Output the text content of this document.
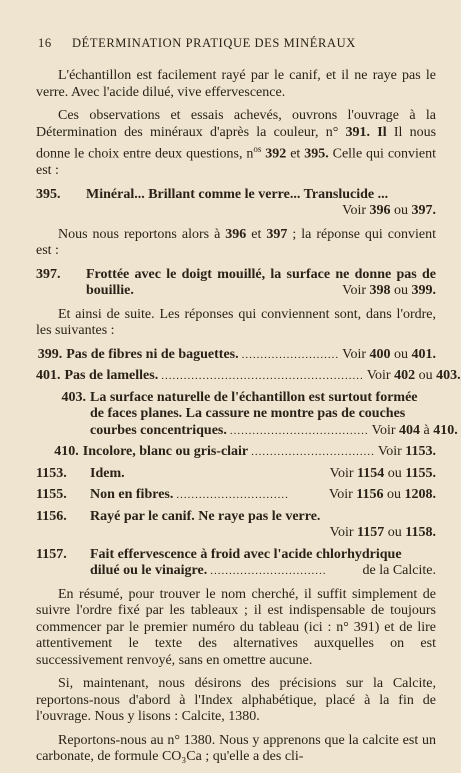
16 DÉTERMINATION PRATIQUE DES MINÉRAUX

L'échantillon est facilement rayé par le canif, et il ne raye pas le verre. Avec l'acide dilué, vive effervescence.

Ces observations et essais achevés, ouvrons l'ouvrage à la Détermination des minéraux d'après la couleur, n° 391. Il Il nous donne le choix entre deux questions, $n^{os}$ 392 et 395. Celle qui convient est :

395.	Minéral... Brillant comme le verre... Translucide ...
Voir 396 ou 397.

Nous nous reportons alors à 396 et 397 ; la réponse qui convient est :

397.	Frottée avec le doigt mouillé, la surface ne donne pas de bouillie.	Voir 398 ou 399.

Et ainsi de suite. Les réponses qui conviennent sont, dans l'ordre, les suivantes :

399. Pas de fibres ni de baguettes. .......................... Voir 400 ou 401.
401. Pas de lamelles. ...................................................... Voir 402 ou 403.
403. La surface naturelle de l'échantillon est surtout formée
de faces planes. La cassure ne montre pas de couches
courbes concentriques. ..................................... Voir 404 à 410.
410. Incolore, blanc ou gris-clair ................................. Voir 1153.
1153.	Idem.	Voir 1154 ou 1155.
1155.	Non en fibres. ..............................	Voir 1156 ou 1208.
1156.	Rayé par le canif. Ne raye pas le verre.
Voir 1157 ou 1158.
1157.	Fait effervescence à froid avec l'acide chlorhydrique
dilué ou le vinaigre. ...............................	de la Calcite.

En résumé, pour trouver le nom cherché, il suffit simplement de suivre l'ordre fixé par les tableaux ; il est indispensable de toujours commencer par le premier numéro du tableau (ici : n° 391) et de lire attentivement le texte des alternatives auxquelles on est successivement renvoyé, sans en omettre aucune.

Si, maintenant, nous désirons des précisions sur la Calcite, reportons-nous d'abord à l'Index alphabétique, placé à la fin de l'ouvrage. Nous y lisons : Calcite, 1380.

Reportons-nous au n° 1380. Nous y apprenons que la calcite est un carbonate, de formule CO₃Ca ; qu'elle a des cli-
